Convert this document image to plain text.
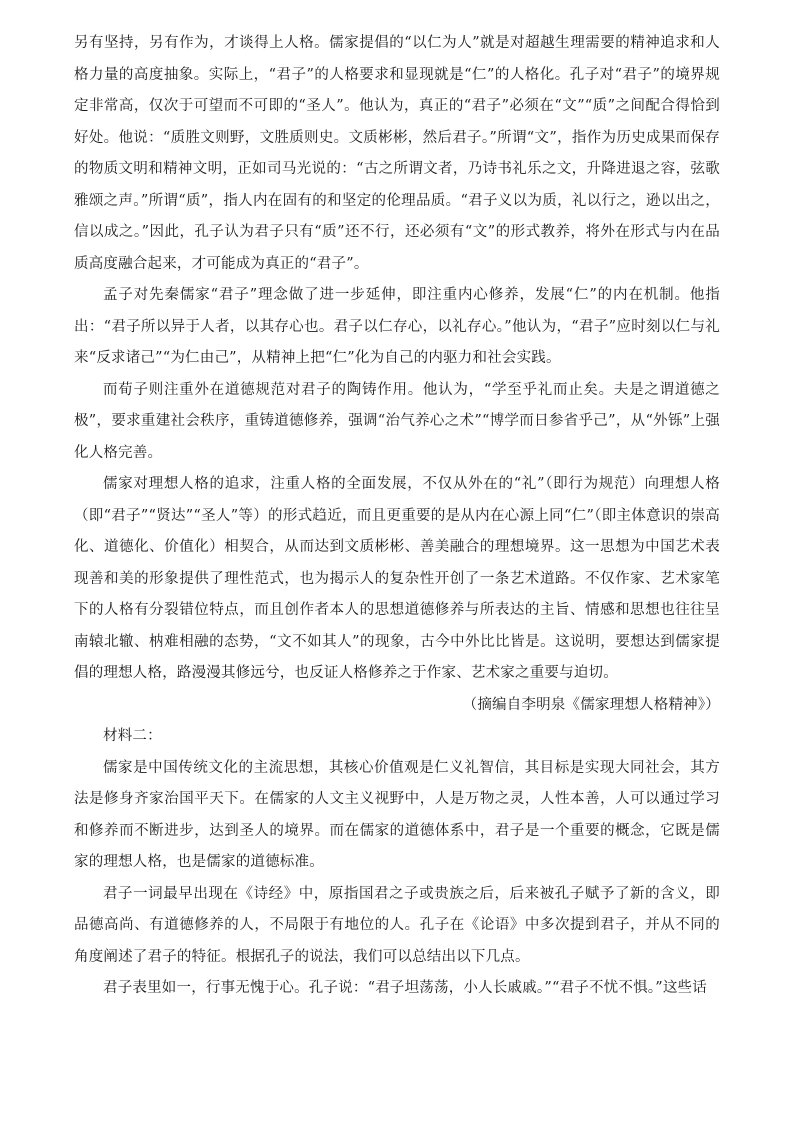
另有坚持，另有作为，才谈得上人格。儒家提倡的“以仁为人”就是对超越生理需要的精神追求和人格力量的高度抽象。实际上，“君子”的人格要求和显现就是“仁”的人格化。孔子对“君子”的境界规定非常高，仅次于可望而不可即的“圣人”。他认为，真正的“君子”必须在“文”“质”之间配合得恰到好处。他说：“质胜文则野，文胜质则史。文质彬彬，然后君子。”所谓“文”，指作为历史成果而保存的物质文明和精神文明，正如司马光说的：“古之所谓文者，乃诗书礼乐之文，升降进退之容，弦歌雅颂之声。”所谓“质”，指人内在固有的和坚定的伦理品质。“君子义以为质，礼以行之，逊以出之，信以成之。”因此，孔子认为君子只有“质”还不行，还必须有“文”的形式教养，将外在形式与内在品质高度融合起来，才可能成为真正的“君子”。

孟子对先秦儒家“君子”理念做了进一步延伸，即注重内心修养，发展“仁”的内在机制。他指出：“君子所以异于人者，以其存心也。君子以仁存心，以礼存心。”他认为，“君子”应时刻以仁与礼来“反求诸己”“为仁由己”，从精神上把“仁”化为自己的内驱力和社会实践。

而荀子则注重外在道德规范对君子的陶铸作用。他认为，“学至乎礼而止矣。夫是之谓道德之极”，要求重建社会秩序，重铸道德修养，强调“治气养心之术”“博学而日参省乎己”，从“外铄”上强化人格完善。

儒家对理想人格的追求，注重人格的全面发展，不仅从外在的“礼”（即行为规范）向理想人格（即“君子”“贤达”“圣人”等）的形式趋近，而且更重要的是从内在心源上同“仁”（即主体意识的崇高化、道德化、价值化）相契合，从而达到文质彬彬、善美融合的理想境界。这一思想为中国艺术表现善和美的形象提供了理性范式，也为揭示人的复杂性开创了一条艺术道路。不仅作家、艺术家笔下的人格有分裂错位特点，而且创作者本人的思想道德修养与所表达的主旨、情感和思想也往往呈南辕北辙、枘难相融的态势，“文不如其人”的现象，古今中外比比皆是。这说明，要想达到儒家提倡的理想人格，路漫漫其修远兮，也反证人格修养之于作家、艺术家之重要与迫切。

（摘编自李明泉《儒家理想人格精神》）

材料二：

儒家是中国传统文化的主流思想，其核心价值观是仁义礼智信，其目标是实现大同社会，其方法是修身齐家治国平天下。在儒家的人文主义视野中，人是万物之灵，人性本善，人可以通过学习和修养而不断进步，达到圣人的境界。而在儒家的道德体系中，君子是一个重要的概念，它既是儒家的理想人格，也是儒家的道德标准。

君子一词最早出现在《诗经》中，原指国君之子或贵族之后，后来被孔子赋予了新的含义，即品德高尚、有道德修养的人，不局限于有地位的人。孔子在《论语》中多次提到君子，并从不同的角度阐述了君子的特征。根据孔子的说法，我们可以总结出以下几点。

君子表里如一，行事无愧于心。孔子说：“君子坦荡荡，小人长戚戚。”“君子不忧不惧。”这些话
